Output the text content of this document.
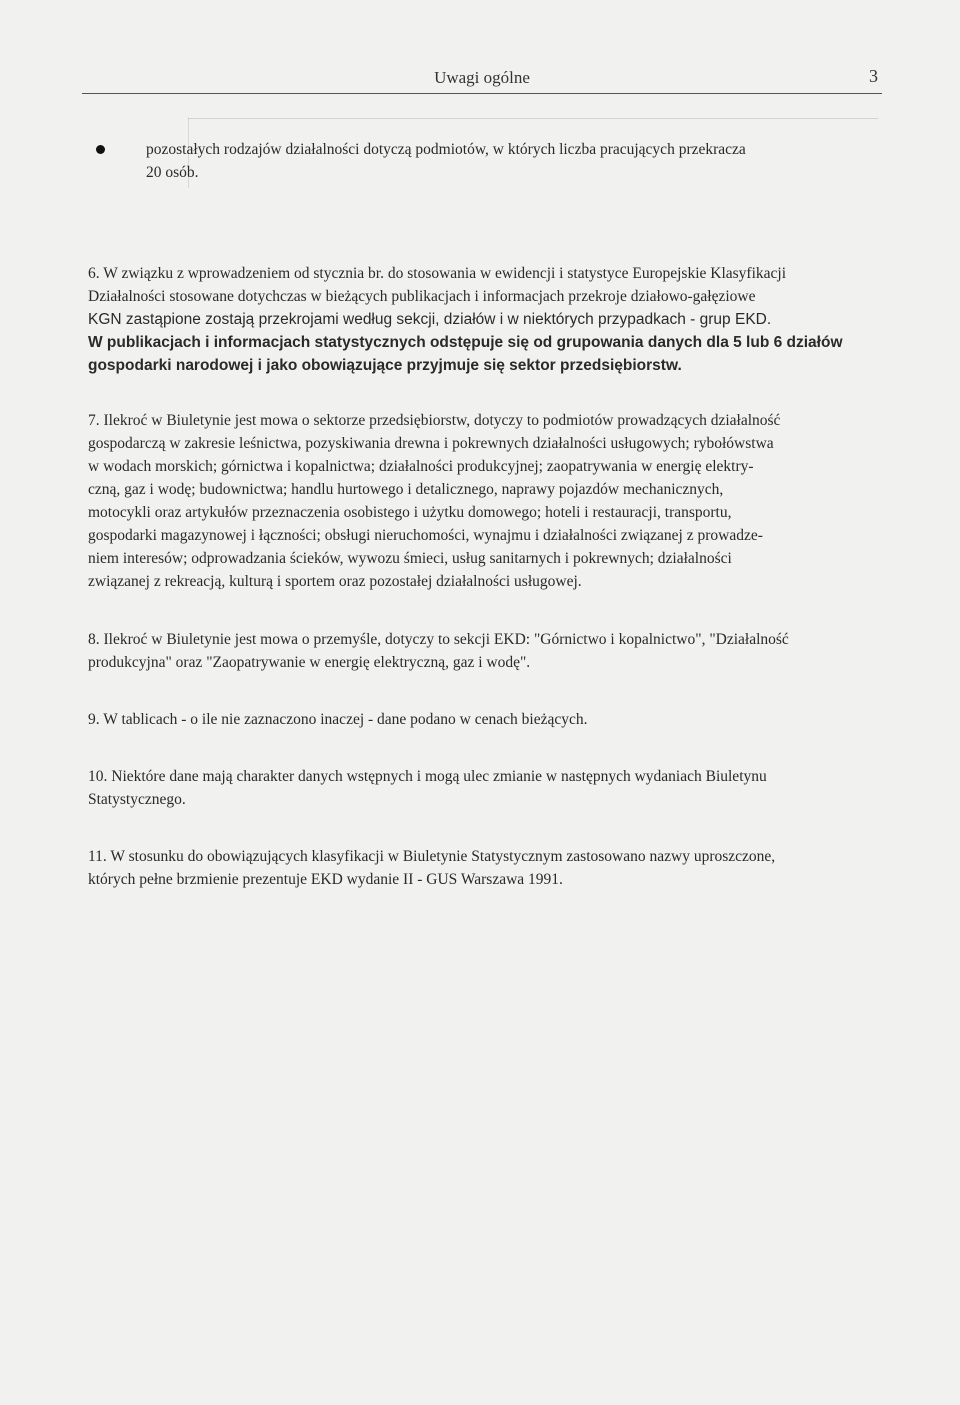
Uwagi ogólne	3
pozostałych rodzajów działalności dotyczą podmiotów, w których liczba pracujących przekracza
20 osób.
6. W związku z wprowadzeniem od stycznia br. do stosowania w ewidencji i statystyce Europejskie Klasyfikacji
Działalności stosowane dotychczas w bieżących publikacjach i informacjach przekroje działowo-gałęziowe
KGN zastąpione zostają przekrojami według sekcji, działów i w niektórych przypadkach - grup EKD.
W publikacjach i informacjach statystycznych odstępuje się od grupowania danych dla 5 lub 6 działów
gospodarki narodowej i jako obowiązujące przyjmuje się sektor przedsiębiorstw.
7. Ilekroć w Biuletynie jest mowa o sektorze przedsiębiorstw, dotyczy to podmiotów prowadzących działalność
gospodarczą w zakresie leśnictwa, pozyskiwania drewna i pokrewnych działalności usługowych; rybołówstwa
w wodach morskich; górnictwa i kopalnictwa; działalności produkcyjnej; zaopatrywania w energię elektry-
czną, gaz i wodę; budownictwa; handlu hurtowego i detalicznego, naprawy pojazdów mechanicznych,
motocykli oraz artykułów przeznaczenia osobistego i użytku domowego; hoteli i restauracji, transportu,
gospodarki magazynowej i łączności; obsługi nieruchomości, wynajmu i działalności związanej z prowadze-
niem interesów; odprowadzania ścieków, wywozu śmieci, usług sanitarnych i pokrewnych; działalności
związanej z rekreacją, kulturą i sportem oraz pozostałej działalności usługowej.
8. Ilekroć w Biuletynie jest mowa o przemyśle, dotyczy to sekcji EKD: "Górnictwo i kopalnictwo", "Działalność
produkcyjna" oraz "Zaopatrywanie w energię elektryczną, gaz i wodę".
9. W tablicach - o ile nie zaznaczono inaczej - dane podano w cenach bieżących.
10. Niektóre dane mają charakter danych wstępnych i mogą ulec zmianie w następnych wydaniach Biuletynu
Statystycznego.
11. W stosunku do obowiązujących klasyfikacji w Biuletynie Statystycznym zastosowano nazwy uproszczone,
których pełne brzmienie prezentuje EKD wydanie II - GUS Warszawa 1991.
